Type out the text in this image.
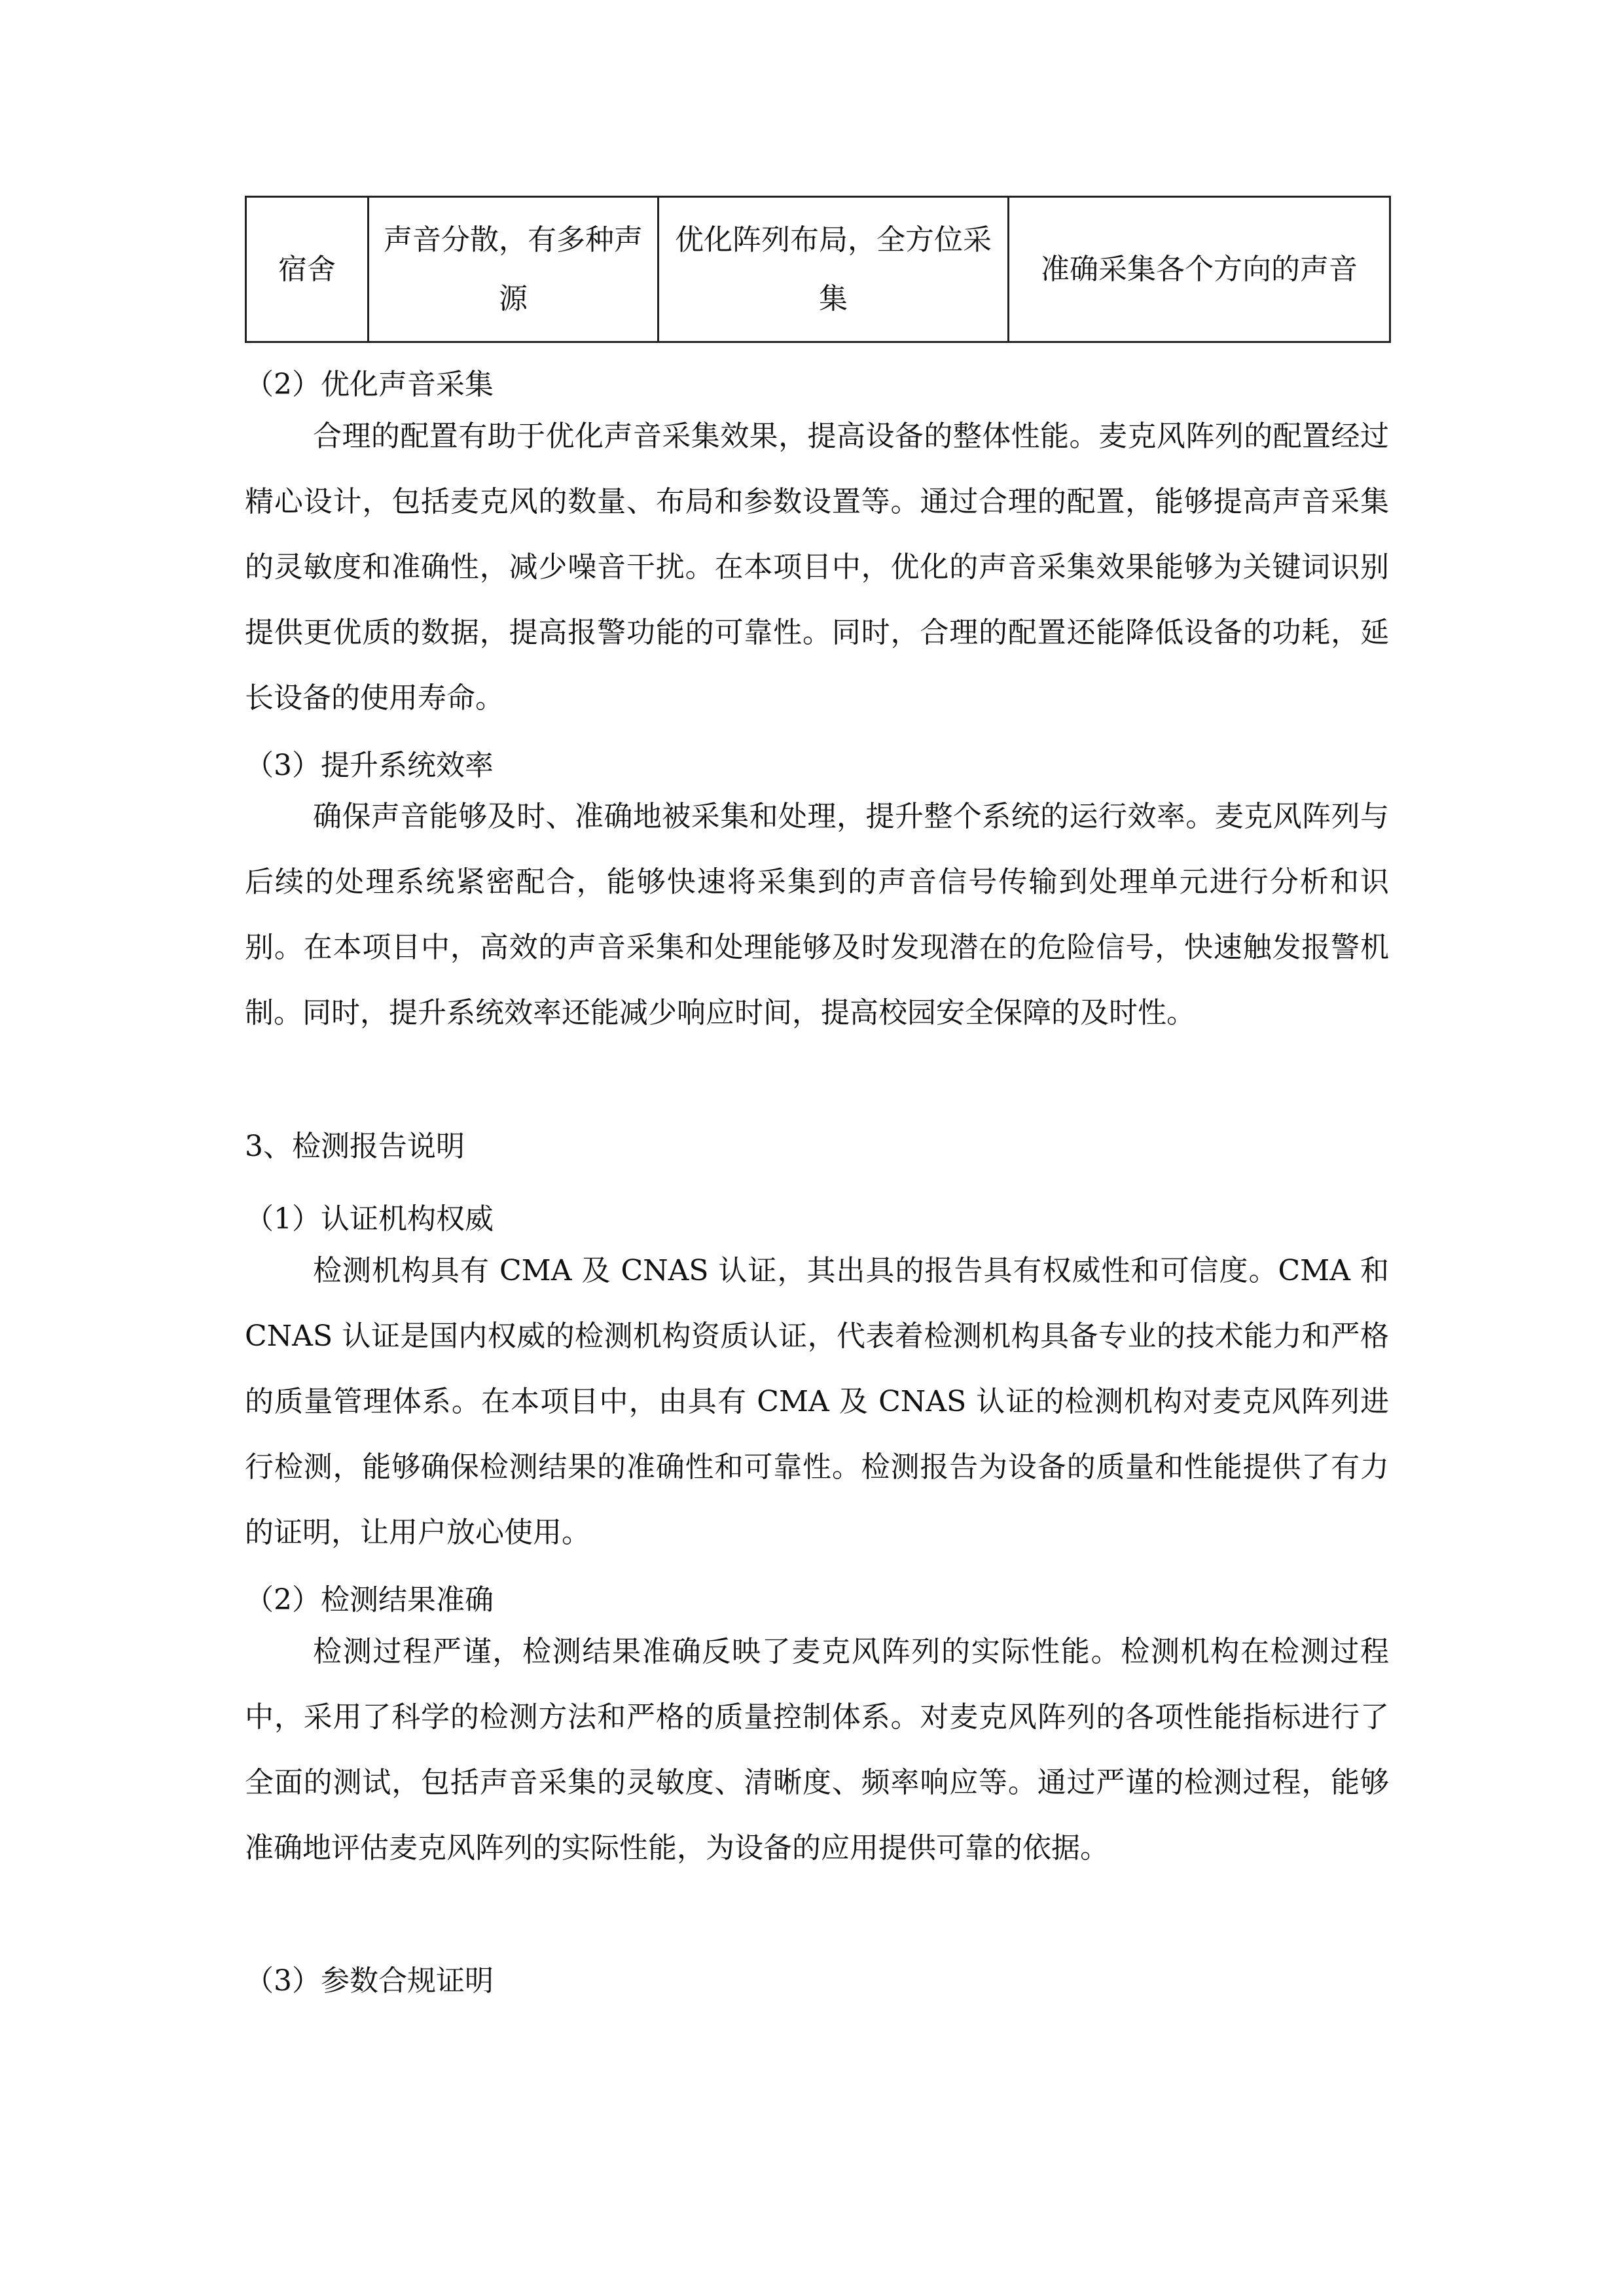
宿舍	声音分散，有多种声源	优化阵列布局，全方位采集	准确采集各个方向的声音
（2）优化声音采集
合理的配置有助于优化声音采集效果，提高设备的整体性能。麦克风阵列的配置经过精心设计，包括麦克风的数量、布局和参数设置等。通过合理的配置，能够提高声音采集的灵敏度和准确性，减少噪音干扰。在本项目中，优化的声音采集效果能够为关键词识别提供更优质的数据，提高报警功能的可靠性。同时，合理的配置还能降低设备的功耗，延长设备的使用寿命。
（3）提升系统效率
确保声音能够及时、准确地被采集和处理，提升整个系统的运行效率。麦克风阵列与后续的处理系统紧密配合，能够快速将采集到的声音信号传输到处理单元进行分析和识别。在本项目中，高效的声音采集和处理能够及时发现潜在的危险信号，快速触发报警机制。同时，提升系统效率还能减少响应时间，提高校园安全保障的及时性。
3、检测报告说明
（1）认证机构权威
检测机构具有 CMA 及 CNAS 认证，其出具的报告具有权威性和可信度。CMA 和 CNAS 认证是国内权威的检测机构资质认证，代表着检测机构具备专业的技术能力和严格的质量管理体系。在本项目中，由具有 CMA 及 CNAS 认证的检测机构对麦克风阵列进行检测，能够确保检测结果的准确性和可靠性。检测报告为设备的质量和性能提供了有力的证明，让用户放心使用。
（2）检测结果准确
检测过程严谨，检测结果准确反映了麦克风阵列的实际性能。检测机构在检测过程中，采用了科学的检测方法和严格的质量控制体系。对麦克风阵列的各项性能指标进行了全面的测试，包括声音采集的灵敏度、清晰度、频率响应等。通过严谨的检测过程，能够准确地评估麦克风阵列的实际性能，为设备的应用提供可靠的依据。
（3）参数合规证明
